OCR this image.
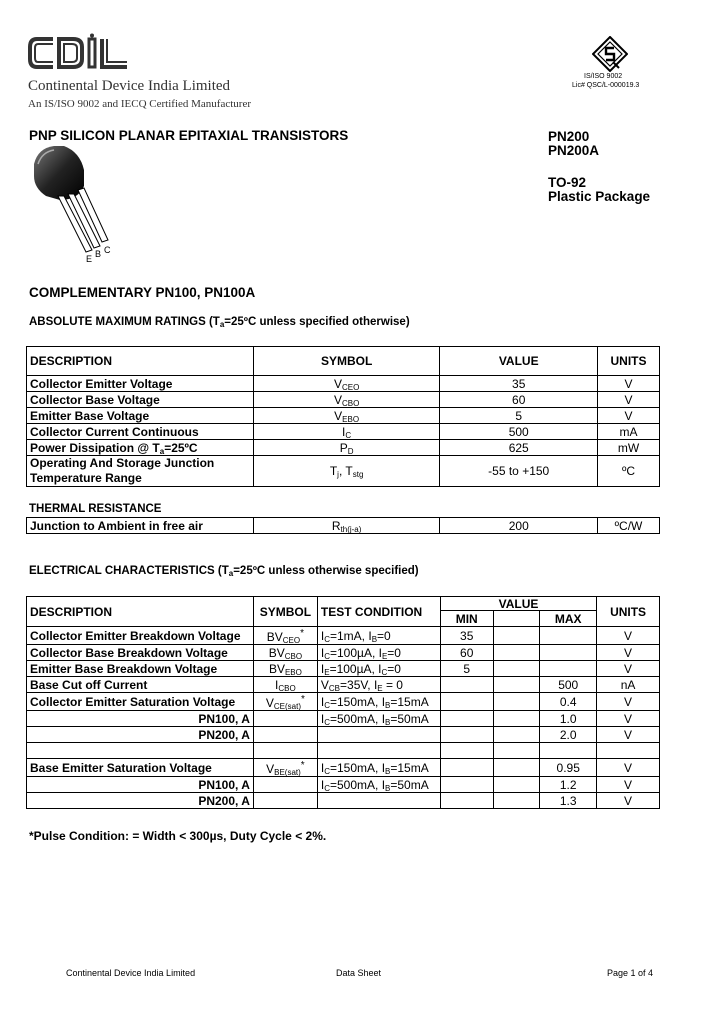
Continental Device India Limited
An IS/ISO 9002 and IECQ Certified Manufacturer
IS/ISO 9002
Lic# QSC/L-000019.3
PNP SILICON PLANAR EPITAXIAL TRANSISTORS	PN200
PN200A
TO-92
Plastic Package
E B C
COMPLEMENTARY PN100, PN100A
ABSOLUTE MAXIMUM RATINGS ($T_a=25ºC$ unless specified otherwise)
DESCRIPTION	SYMBOL	VALUE	UNITS
Collector Emitter Voltage	$V_{CEO}$	35	V
Collector Base Voltage	$V_{CBO}$	60	V
Emitter Base Voltage	$V_{EBO}$	5	V
Collector Current Continuous	$I_C$	500	mA
Power Dissipation @ $T_a=25ºC$	$P_D$	625	mW

Operating And Storage Junction
Temperature Range	$T_j$, $T_{stg}$	-55 to +150	ºC
THERMAL RESISTANCE
Junction to Ambient in free air	$R_{th(j-a)}$	200	ºC/W
ELECTRICAL CHARACTERISTICS ($T_a=25ºC$ unless otherwise specified)
DESCRIPTION	SYMBOL	TEST CONDITION	VALUE			UNITS
			MIN		MAX	
Collector Emitter Breakdown Voltage	$BV_{CEO}^*$	$I_C=1mA$, $I_B=0$	35			V
Collector Base Breakdown Voltage	$BV_{CBO}$	$I_C=100\mu A$, $I_E=0$	60			V
Emitter Base Breakdown Voltage	$BV_{EBO}$	$I_E=100\mu A$, $I_C=0$	5			V
Base Cut off Current	$I_{CBO}$	$V_{CB}=35V$, $I_E = 0$			500	nA
Collector Emitter Saturation Voltage	$V_{CE(sat)}^*$	$I_C=150mA$, $I_B=15mA$			0.4	V
PN100, A		$I_C=500mA$, $I_B=50mA$			1.0	V
PN200, A					2.0	V

Base Emitter Saturation Voltage	$V_{BE(sat)}^*$	$I_C=150mA$, $I_B=15mA$			0.95	V
PN100, A		$I_C=500mA$, $I_B=50mA$			1.2	V
PN200, A					1.3	V
*Pulse Condition: = Width < 300µs, Duty Cycle < 2%.
Continental Device India Limited	Data Sheet	Page 1 of 4
